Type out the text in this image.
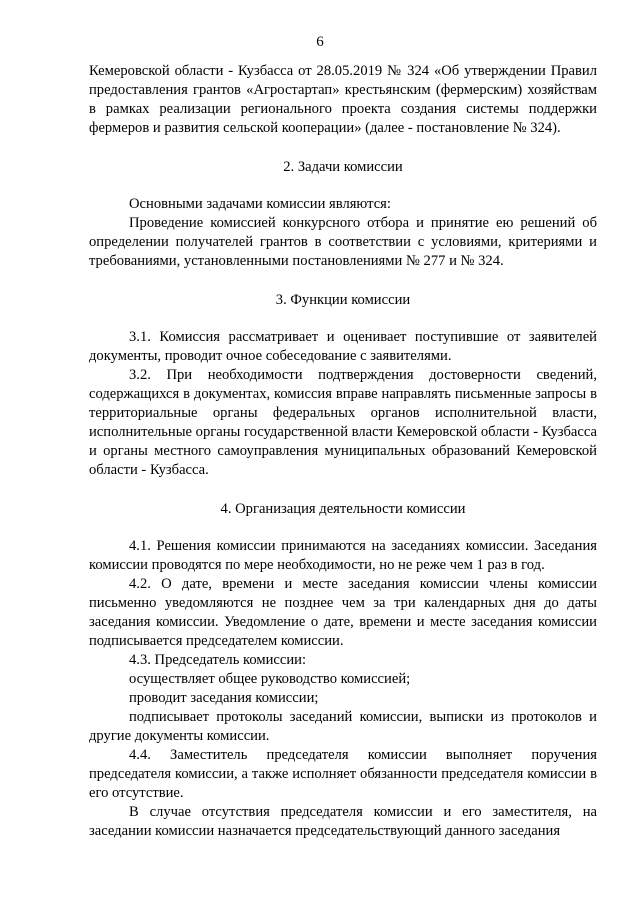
6

Кемеровской области - Кузбасса от 28.05.2019 № 324 «Об утверждении Правил предоставления грантов «Агростартап» крестьянским (фермерским) хозяйствам в рамках реализации регионального проекта создания системы поддержки фермеров и развития сельской кооперации» (далее - постановление № 324).

2. Задачи комиссии

Основными задачами комиссии являются:

Проведение комиссией конкурсного отбора и принятие ею решений об определении получателей грантов в соответствии с условиями, критериями и требованиями, установленными постановлениями № 277 и № 324.

3. Функции комиссии

3.1. Комиссия рассматривает и оценивает поступившие от заявителей документы, проводит очное собеседование с заявителями.

3.2. При необходимости подтверждения достоверности сведений, содержащихся в документах, комиссия вправе направлять письменные запросы в территориальные органы федеральных органов исполнительной власти, исполнительные органы государственной власти Кемеровской области - Кузбасса и органы местного самоуправления муниципальных образований Кемеровской области - Кузбасса.

4. Организация деятельности комиссии

4.1. Решения комиссии принимаются на заседаниях комиссии. Заседания комиссии проводятся по мере необходимости, но не реже чем 1 раз в год.

4.2. О дате, времени и месте заседания комиссии члены комиссии письменно уведомляются не позднее чем за три календарных дня до даты заседания комиссии. Уведомление о дате, времени и месте заседания комиссии подписывается председателем комиссии.

4.3. Председатель комиссии:

осуществляет общее руководство комиссией;

проводит заседания комиссии;

подписывает протоколы заседаний комиссии, выписки из протоколов и другие документы комиссии.

4.4. Заместитель председателя комиссии выполняет поручения председателя комиссии, а также исполняет обязанности председателя комиссии в его отсутствие.

В случае отсутствия председателя комиссии и его заместителя, на заседании комиссии назначается председательствующий данного заседания
